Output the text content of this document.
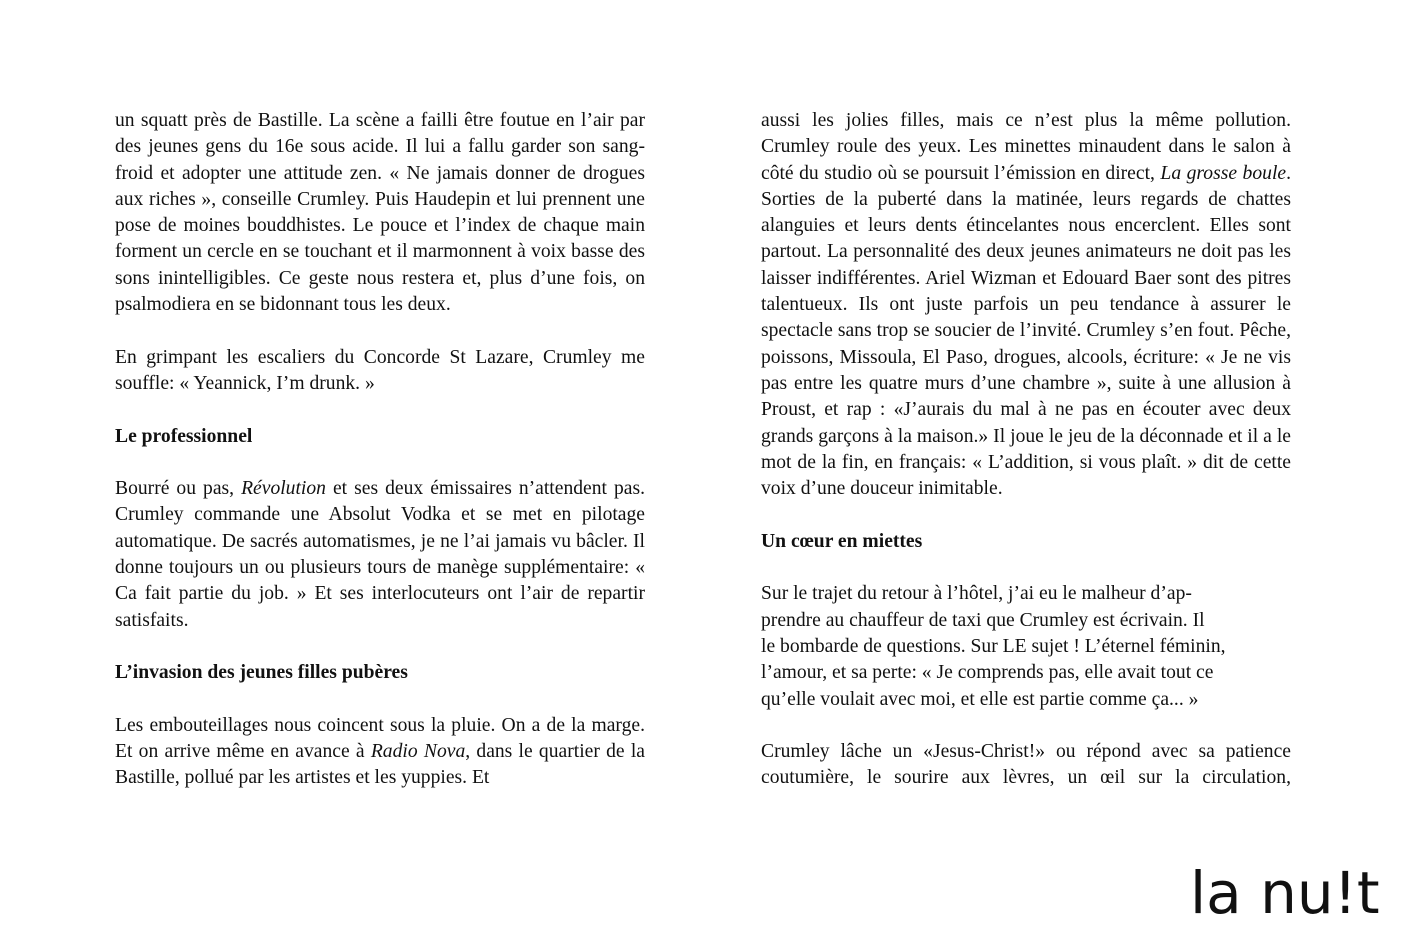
un squatt près de Bastille. La scène a failli être foutue en l’air par des jeunes gens du 16e sous acide. Il lui a fallu garder son sang-froid et adopter une attitude zen. « Ne jamais donner de drogues aux riches », conseille Crumley. Puis Haudepin et lui prennent une pose de moines bouddhistes. Le pouce et l’index de chaque main forment un cercle en se touchant et il marmonnent à voix basse des sons inintelligibles. Ce geste nous restera et, plus d’une fois, on psalmodiera en se bidonnant tous les deux.

En grimpant les escaliers du Concorde St Lazare, Crumley me souffle: « Yeannick, I’m drunk. »

Le professionnel

Bourré ou pas, Révolution et ses deux émissaires n’attendent pas. Crumley commande une Absolut Vodka et se met en pilotage automatique. De sacrés automatismes, je ne l’ai jamais vu bâcler. Il donne toujours un ou plusieurs tours de manège supplémentaire: « Ca fait partie du job. » Et ses interlocuteurs ont l’air de repartir satisfaits.

L’invasion des jeunes filles pubères

Les embouteillages nous coincent sous la pluie. On a de la marge. Et on arrive même en avance à Radio Nova, dans le quartier de la Bastille, pollué par les artistes et les yuppies. Et

aussi les jolies filles, mais ce n’est plus la même pollution. Crumley roule des yeux. Les minettes minaudent dans le salon à côté du studio où se poursuit l’émission en direct, La grosse boule. Sorties de la puberté dans la matinée, leurs regards de chattes alanguies et leurs dents étincelantes nous encerclent. Elles sont partout. La personnalité des deux jeunes animateurs ne doit pas les laisser indifférentes. Ariel Wizman et Edouard Baer sont des pitres talentueux. Ils ont juste parfois un peu tendance à assurer le spectacle sans trop se soucier de l’invité. Crumley s’en fout. Pêche, poissons, Missoula, El Paso, drogues, alcools, écriture: « Je ne vis pas entre les quatre murs d’une chambre », suite à une allusion à Proust, et rap : «J’aurais du mal à ne pas en écouter avec deux grands garçons à la maison.» Il joue le jeu de la déconnade et il a le mot de la fin, en français: « L’addition, si vous plaît. » dit de cette voix d’une douceur inimitable.

Un cœur en miettes

Sur le trajet du retour à l’hôtel, j’ai eu le malheur d’ap-
prendre au chauffeur de taxi que Crumley est écrivain. Il
le bombarde de questions. Sur LE sujet ! L’éternel féminin,
l’amour, et sa perte: « Je comprends pas, elle avait tout ce
qu’elle voulait avec moi, et elle est partie comme ça... »

Crumley lâche un «Jesus-Christ!» ou répond avec sa patience
coutumière, le sourire aux lèvres, un œil sur la circulation,

la nu!t
